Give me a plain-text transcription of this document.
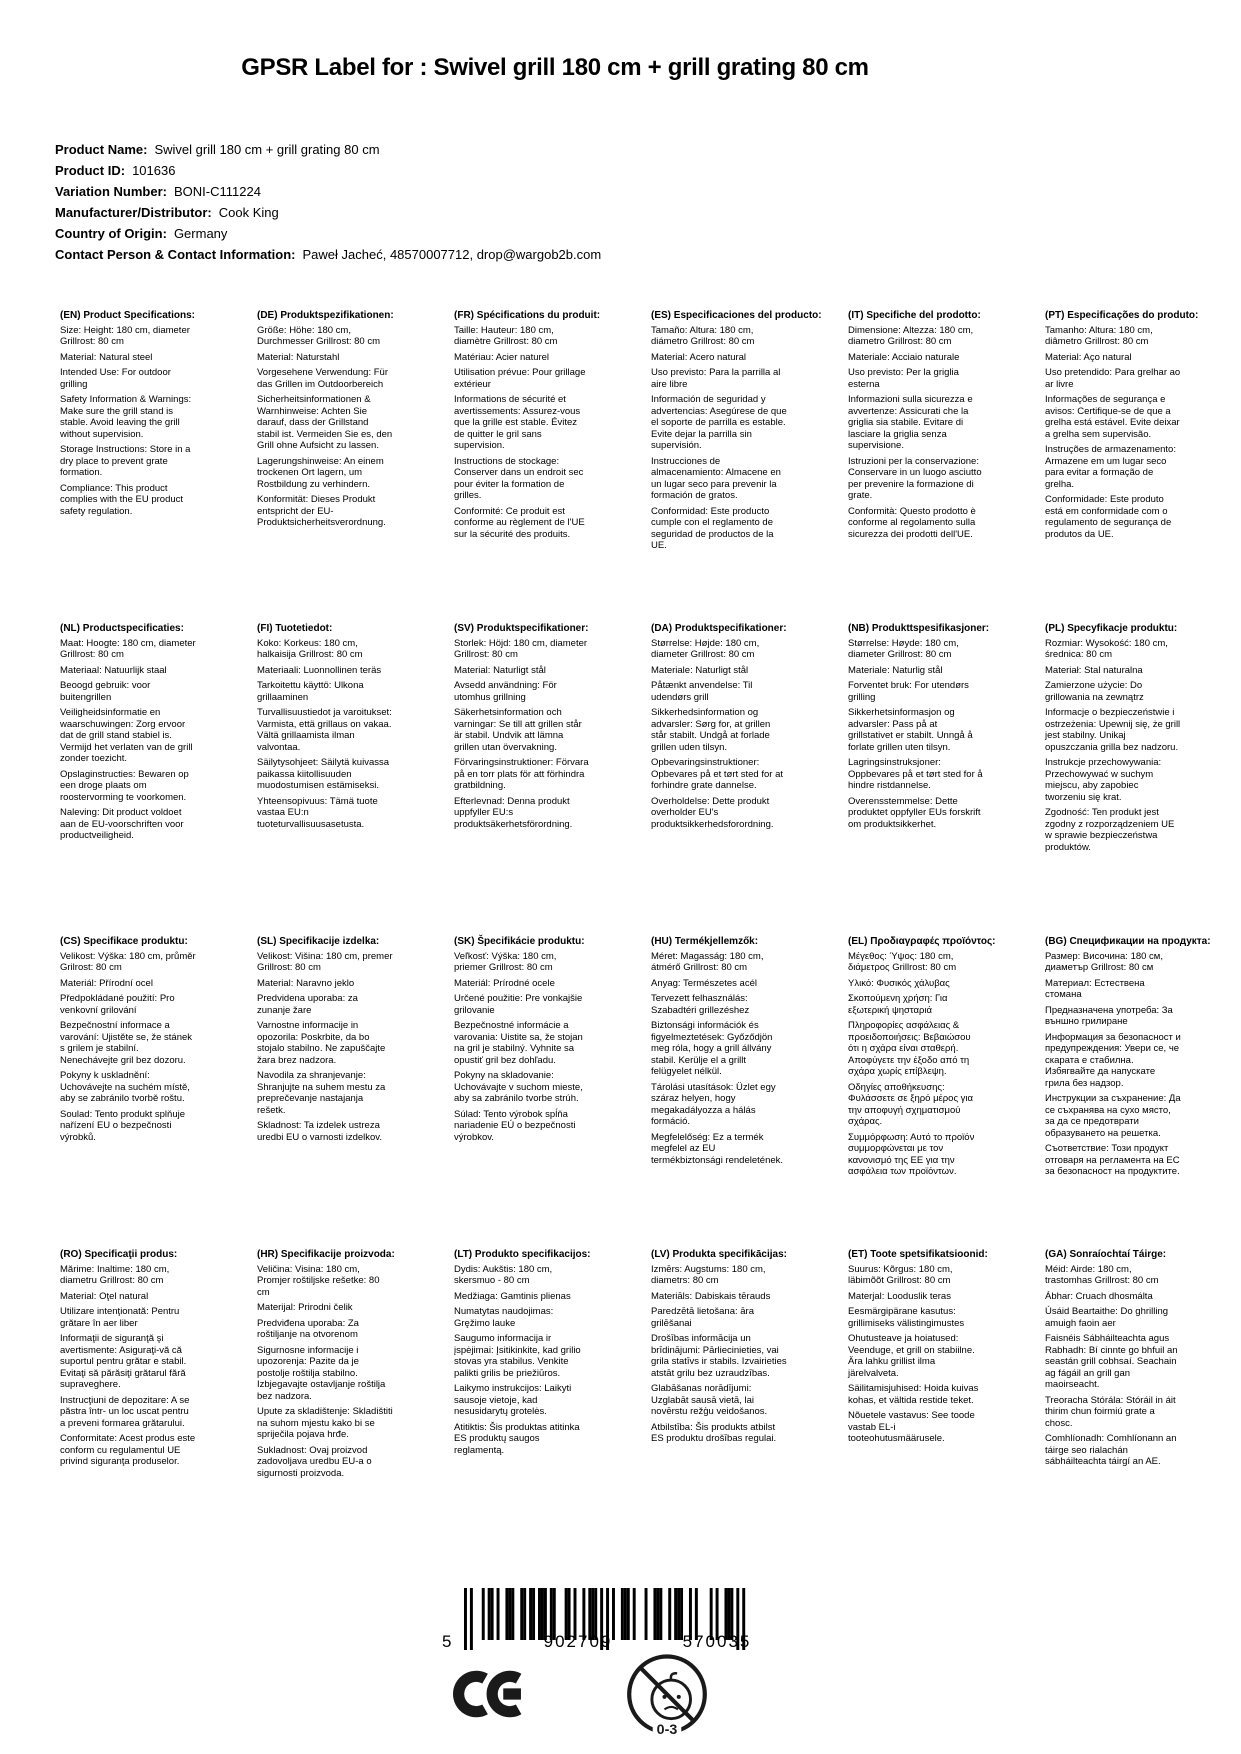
GPSR Label for : Swivel grill 180 cm + grill grating 80 cm
Product Name: Swivel grill 180 cm + grill grating 80 cm
Product ID: 101636
Variation Number: BONI-C111224
Manufacturer/Distributor: Cook King
Country of Origin: Germany
Contact Person & Contact Information: Paweł Jacheć, 48570007712, drop@wargob2b.com
(EN) Product Specifications:

Size: Height: 180 cm, diameter Grillrost: 80 cm

Material: Natural steel

Intended Use: For outdoor grilling

Safety Information & Warnings: Make sure the grill stand is stable. Avoid leaving the grill without supervision.

Storage Instructions: Store in a dry place to prevent grate formation.

Compliance: This product complies with the EU product safety regulation.

(DE) Produktspezifikationen:

Größe: Höhe: 180 cm, Durchmesser Grillrost: 80 cm

Material: Naturstahl

Vorgesehene Verwendung: Für das Grillen im Outdoorbereich

Sicherheitsinformationen & Warnhinweise: Achten Sie darauf, dass der Grillstand stabil ist. Vermeiden Sie es, den Grill ohne Aufsicht zu lassen.

Lagerungshinweise: An einem trockenen Ort lagern, um Rostbildung zu verhindern.

Konformität: Dieses Produkt entspricht der EU-Produktsicherheitsverordnung.

(FR) Spécifications du produit:

Taille: Hauteur: 180 cm, diamètre Grillrost: 80 cm

Matériau: Acier naturel

Utilisation prévue: Pour grillage extérieur

Informations de sécurité et avertissements: Assurez-vous que la grille est stable. Évitez de quitter le gril sans supervision.

Instructions de stockage: Conserver dans un endroit sec pour éviter la formation de grilles.

Conformité: Ce produit est conforme au règlement de l'UE sur la sécurité des produits.

(ES) Especificaciones del producto:

Tamaño: Altura: 180 cm, diámetro Grillrost: 80 cm

Material: Acero natural

Uso previsto: Para la parrilla al aire libre

Información de seguridad y advertencias: Asegúrese de que el soporte de parrilla es estable. Evite dejar la parrilla sin supervisión.

Instrucciones de almacenamiento: Almacene en un lugar seco para prevenir la formación de gratos.

Conformidad: Este producto cumple con el reglamento de seguridad de productos de la UE.

(IT) Specifiche del prodotto:

Dimensione: Altezza: 180 cm, diametro Grillrost: 80 cm

Materiale: Acciaio naturale

Uso previsto: Per la griglia esterna

Informazioni sulla sicurezza e avvertenze: Assicurati che la griglia sia stabile. Evitare di lasciare la griglia senza supervisione.

Istruzioni per la conservazione: Conservare in un luogo asciutto per prevenire la formazione di grate.

Conformità: Questo prodotto è conforme al regolamento sulla sicurezza dei prodotti dell'UE.

(PT) Especificações do produto:

Tamanho: Altura: 180 cm, diâmetro Grillrost: 80 cm

Material: Aço natural

Uso pretendido: Para grelhar ao ar livre

Informações de segurança e avisos: Certifique-se de que a grelha está estável. Evite deixar a grelha sem supervisão.

Instruções de armazenamento: Armazene em um lugar seco para evitar a formação de grelha.

Conformidade: Este produto está em conformidade com o regulamento de segurança de produtos da UE.

(NL) Productspecificaties:

Maat: Hoogte: 180 cm, diameter Grillrost: 80 cm

Materiaal: Natuurlijk staal

Beoogd gebruik: voor buitengrillen

Veiligheidsinformatie en waarschuwingen: Zorg ervoor dat de grill stand stabiel is. Vermijd het verlaten van de grill zonder toezicht.

Opslaginstructies: Bewaren op een droge plaats om roostervorming te voorkomen.

Naleving: Dit product voldoet aan de EU-voorschriften voor productveiligheid.

(FI) Tuotetiedot:

Koko: Korkeus: 180 cm, halkaisija Grillrost: 80 cm

Materiaali: Luonnollinen teräs

Tarkoitettu käyttö: Ulkona grillaaminen

Turvallisuustiedot ja varoitukset: Varmista, että grillaus on vakaa. Vältä grillaamista ilman valvontaa.

Säilytysohjeet: Säilytä kuivassa paikassa kiitollisuuden muodostumisen estämiseksi.

Yhteensopivuus: Tämä tuote vastaa EU:n tuoteturvallisuusasetusta.

(SV) Produktspecifikationer:

Storlek: Höjd: 180 cm, diameter Grillrost: 80 cm

Material: Naturligt stål

Avsedd användning: För utomhus grillning

Säkerhetsinformation och varningar: Se till att grillen står är stabil. Undvik att lämna grillen utan övervakning.

Förvaringsinstruktioner: Förvara på en torr plats för att förhindra gratbildning.

Efterlevnad: Denna produkt uppfyller EU:s produktsäkerhetsförordning.

(DA) Produktspecifikationer:

Størrelse: Højde: 180 cm, diameter Grillrost: 80 cm

Materiale: Naturligt stål

Påtænkt anvendelse: Til udendørs grill

Sikkerhedsinformation og advarsler: Sørg for, at grillen står stabilt. Undgå at forlade grillen uden tilsyn.

Opbevaringsinstruktioner: Opbevares på et tørt sted for at forhindre grate dannelse.

Overholdelse: Dette produkt overholder EU's produktsikkerhedsforordning.

(NB) Produkttspesifikasjoner:

Størrelse: Høyde: 180 cm, diameter Grillrost: 80 cm

Materiale: Naturlig stål

Forventet bruk: For utendørs grilling

Sikkerhetsinformasjon og advarsler: Pass på at grillstativet er stabilt. Unngå å forlate grillen uten tilsyn.

Lagringsinstruksjoner: Oppbevares på et tørt sted for å hindre ristdannelse.

Overensstemmelse: Dette produktet oppfyller EUs forskrift om produktsikkerhet.

(PL) Specyfikacje produktu:

Rozmiar: Wysokość: 180 cm, średnica: 80 cm

Materiał: Stal naturalna

Zamierzone użycie: Do grillowania na zewnątrz

Informacje o bezpieczeństwie i ostrzeżenia: Upewnij się, że grill jest stabilny. Unikaj opuszczania grilla bez nadzoru.

Instrukcje przechowywania: Przechowywać w suchym miejscu, aby zapobiec tworzeniu się krat.

Zgodność: Ten produkt jest zgodny z rozporządzeniem UE w sprawie bezpieczeństwa produktów.

(CS) Specifikace produktu:

Velikost: Výška: 180 cm, průměr Grilrost: 80 cm

Materiál: Přírodní ocel

Předpokládané použití: Pro venkovní grilování

Bezpečnostní informace a varování: Ujistěte se, že stánek s grilem je stabilní. Nenechávejte gril bez dozoru.

Pokyny k uskladnění: Uchovávejte na suchém místě, aby se zabránilo tvorbě roštu.

Soulad: Tento produkt splňuje nařízení EU o bezpečnosti výrobků.

(SL) Specifikacije izdelka:

Velikost: Višina: 180 cm, premer Grillrost: 80 cm

Material: Naravno jeklo

Predvidena uporaba: za zunanje žare

Varnostne informacije in opozorila: Poskrbite, da bo stojalo stabilno. Ne zapuščajte žara brez nadzora.

Navodila za shranjevanje: Shranjujte na suhem mestu za preprečevanje nastajanja rešetk.

Skladnost: Ta izdelek ustreza uredbi EU o varnosti izdelkov.

(SK) Špecifikácie produktu:

Veľkosť: Výška: 180 cm, priemer Grillrost: 80 cm

Materiál: Prírodné ocele

Určené použitie: Pre vonkajšie grilovanie

Bezpečnostné informácie a varovania: Uistite sa, že stojan na gril je stabilný. Vyhnite sa opustiť gril bez dohľadu.

Pokyny na skladovanie: Uchovávajte v suchom mieste, aby sa zabránilo tvorbe strúh.

Súlad: Tento výrobok spĺňa nariadenie EÚ o bezpečnosti výrobkov.

(HU) Termékjellemzők:

Méret: Magasság: 180 cm, átmérő Grillrost: 80 cm

Anyag: Természetes acél

Tervezett felhasználás: Szabadtéri grillezéshez

Biztonsági információk és figyelmeztetések: Győződjön meg róla, hogy a grill állvány stabil. Kerülje el a grillt felügyelet nélkül.

Tárolási utasítások: Üzlet egy száraz helyen, hogy megakadályozza a hálás formáció.

Megfelelőség: Ez a termék megfelel az EU termékbiztonsági rendeletének.

(EL) Προδιαγραφές προϊόντος:

Μέγεθος: Ύψος: 180 cm, διάμετρος Grillrost: 80 cm

Υλικό: Φυσικός χάλυβας

Σκοπούμενη χρήση: Για εξωτερική ψησταριά

Πληροφορίες ασφάλειας & προειδοποιήσεις: Βεβαιώσου ότι η σχάρα είναι σταθερή. Αποφύγετε την έξοδο από τη σχάρα χωρίς επίβλεψη.

Οδηγίες αποθήκευσης: Φυλάσσετε σε ξηρό μέρος για την αποφυγή σχηματισμού σχάρας.

Συμμόρφωση: Αυτό το προϊόν συμμορφώνεται με τον κανονισμό της ΕΕ για την ασφάλεια των προϊόντων.

(BG) Спецификации на продукта:

Размер: Височина: 180 см, диаметър Grillrost: 80 см

Материал: Естествена стомана

Предназначена употреба: За външно грилиране

Информация за безопасност и предупреждения: Увери се, че скарата е стабилна. Избягвайте да напускате грила без надзор.

Инструкции за съхранение: Да се съхранява на сухо място, за да се предотврати образуването на решетка.

Съответствие: Този продукт отговаря на регламента на ЕС за безопасност на продуктите.

(RO) Specificaţii produs:

Mărime: Inaltime: 180 cm, diametru Grillrost: 80 cm

Material: Oţel natural

Utilizare intenţionată: Pentru grătare în aer liber

Informaţii de siguranţă şi avertismente: Asiguraţi-vă că suportul pentru grătar e stabil. Evitaţi să părăsiţi grătarul fără supraveghere.

Instrucţiuni de depozitare: A se păstra într- un loc uscat pentru a preveni formarea grătarului.

Conformitate: Acest produs este conform cu regulamentul UE privind siguranţa produselor.

(HR) Specifikacije proizvoda:

Veličina: Visina: 180 cm, Promjer roštiljske rešetke: 80 cm

Materijal: Prirodni čelik

Predviđena uporaba: Za roštiljanje na otvorenom

Sigurnosne informacije i upozorenja: Pazite da je postolje roštilja stabilno. Izbjegavajte ostavljanje roštilja bez nadzora.

Upute za skladištenje: Skladištiti na suhom mjestu kako bi se spriječila pojava hrđe.

Sukladnost: Ovaj proizvod zadovoljava uredbu EU-a o sigurnosti proizvoda.

(LT) Produkto specifikacijos:

Dydis: Aukštis: 180 cm, skersmuo - 80 cm

Medžiaga: Gamtinis plienas

Numatytas naudojimas: Gręžimo lauke

Saugumo informacija ir įspėjimai: Įsitikinkite, kad grilio stovas yra stabilus. Venkite palikti grilis be priežiūros.

Laikymo instrukcijos: Laikyti sausoje vietoje, kad nesusidarytų grotelės.

Atitiktis: Šis produktas atitinka ES produktų saugos reglamentą.

(LV) Produkta specifikācijas:

Izmērs: Augstums: 180 cm, diametrs: 80 cm

Materiāls: Dabiskais tērauds

Paredzētā lietošana: āra grilēšanai

Drošības informācija un brīdinājumi: Pārliecinieties, vai grila statīvs ir stabils. Izvairieties atstāt grilu bez uzraudzības.

Glabāšanas norādījumi: Uzglabāt sausā vietā, lai novērstu režģu veidošanos.

Atbilstība: Šis produkts atbilst ES produktu drošības regulai.

(ET) Toote spetsifikatsioonid:

Suurus: Kõrgus: 180 cm, läbimõõt Grillrost: 80 cm

Materjal: Looduslik teras

Eesmärgipärane kasutus: grillimiseks välistingimustes

Ohutusteave ja hoiatused: Veenduge, et grill on stabiilne. Ära lahku grillist ilma järelvalveta.

Säilitamisjuhised: Hoida kuivas kohas, et vältida restide teket.

Nõuetele vastavus: See toode vastab EL-i tooteohutusmäärusele.

(GA) Sonraíochtaí Táirge:

Méid: Airde: 180 cm, trastomhas Grillrost: 80 cm

Ábhar: Cruach dhosmálta

Úsáid Beartaithe: Do ghrilling amuigh faoin aer

Faisnéis Sábháilteachta agus Rabhadh: Bí cinnte go bhfuil an seastán grill cobhsaí. Seachain ag fágáil an grill gan maoirseacht.

Treoracha Stórála: Stóráil in áit thirim chun foirmiú grate a chosc.

Comhlíonadh: Comhlíonann an táirge seo rialachán sábháilteachta táirgí an AE.

5	902709	570035
0-3
